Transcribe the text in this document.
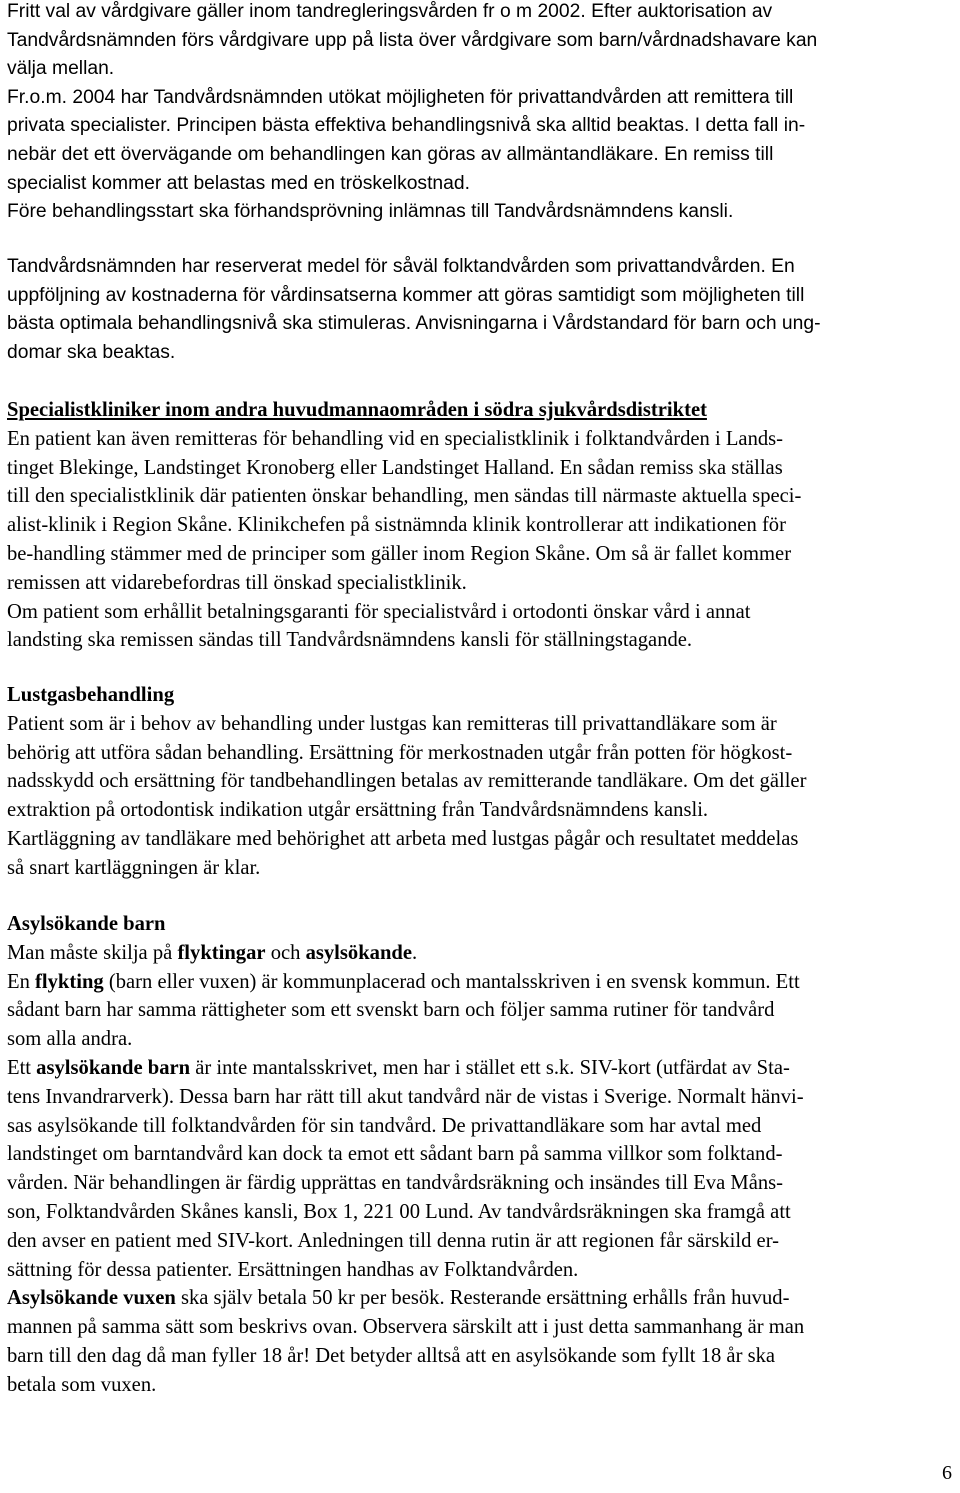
Fritt val av vårdgivare gäller inom tandregleringsvården fr o m 2002. Efter auktorisation av
Tandvårdsnämnden förs vårdgivare upp på lista över vårdgivare som barn/vårdnadshavare kan
välja mellan.
Fr.o.m. 2004 har Tandvårdsnämnden utökat möjligheten för privattandvården att remittera till
privata specialister. Principen bästa effektiva behandlingsnivå ska alltid beaktas. I detta fall in-
nebär det ett övervägande om behandlingen kan göras av allmäntandläkare. En remiss till
specialist kommer att belastas med en tröskelkostnad.
Före behandlingsstart ska förhandsprövning inlämnas till Tandvårdsnämndens kansli.
Tandvårdsnämnden har reserverat medel för såväl folktandvården som privattandvården. En
uppföljning av kostnaderna för vårdinsatserna kommer att göras samtidigt som möjligheten till
bästa optimala behandlingsnivå ska stimuleras. Anvisningarna i Vårdstandard för barn och ung-
domar ska beaktas.
Specialistkliniker inom andra huvudmannaområden i södra sjukvårdsdistriktet
En patient kan även remitteras för behandling vid en specialistklinik i folktandvården i Lands-
tinget Blekinge, Landstinget Kronoberg eller Landstinget Halland. En sådan remiss ska ställas
till den specialistklinik där patienten önskar behandling, men sändas till närmaste aktuella speci-
alist-klinik i Region Skåne. Klinikchefen på sistnämnda klinik kontrollerar att indikationen för
be-handling stämmer med de principer som gäller inom Region Skåne. Om så är fallet kommer
remissen att vidarebefordras till önskad specialistklinik.
Om patient som erhållit betalningsgaranti för specialistvård i ortodonti önskar vård i annat
landsting ska remissen sändas till Tandvårdsnämndens kansli för ställningstagande.
Lustgasbehandling
Patient som är i behov av behandling under lustgas kan remitteras till privattandläkare som är
behörig att utföra sådan behandling. Ersättning för merkostnaden utgår från potten för högkost-
nadsskydd och ersättning för tandbehandlingen betalas av remitterande tandläkare. Om det gäller
extraktion på ortodontisk indikation utgår ersättning från Tandvårdsnämndens kansli.
Kartläggning av tandläkare med behörighet att arbeta med lustgas pågår och resultatet meddelas
så snart kartläggningen är klar.
Asylsökande barn
Man måste skilja på flyktingar och asylsökande.
En flykting (barn eller vuxen) är kommunplacerad och mantalsskriven i en svensk kommun. Ett
sådant barn har samma rättigheter som ett svenskt barn och följer samma rutiner för tandvård
som alla andra.
Ett asylsökande barn är inte mantalsskrivet, men har i stället ett s.k. SIV-kort (utfärdat av Sta-
tens Invandrarverk). Dessa barn har rätt till akut tandvård när de vistas i Sverige. Normalt hänvi-
sas asylsökande till folktandvården för sin tandvård. De privattandläkare som har avtal med
landstinget om barntandvård kan dock ta emot ett sådant barn på samma villkor som folktand-
vården. När behandlingen är färdig upprättas en tandvårdsräkning och insändes till Eva Måns-
son, Folktandvården Skånes kansli, Box 1, 221 00 Lund. Av tandvårdsräkningen ska framgå att
den avser en patient med SIV-kort. Anledningen till denna rutin är att regionen får särskild er-
sättning för dessa patienter. Ersättningen handhas av Folktandvården.
Asylsökande vuxen ska själv betala 50 kr per besök. Resterande ersättning erhålls från huvud-
mannen på samma sätt som beskrivs ovan. Observera särskilt att i just detta sammanhang är man
barn till den dag då man fyller 18 år! Det betyder alltså att en asylsökande som fyllt 18 år ska
betala som vuxen.
6
